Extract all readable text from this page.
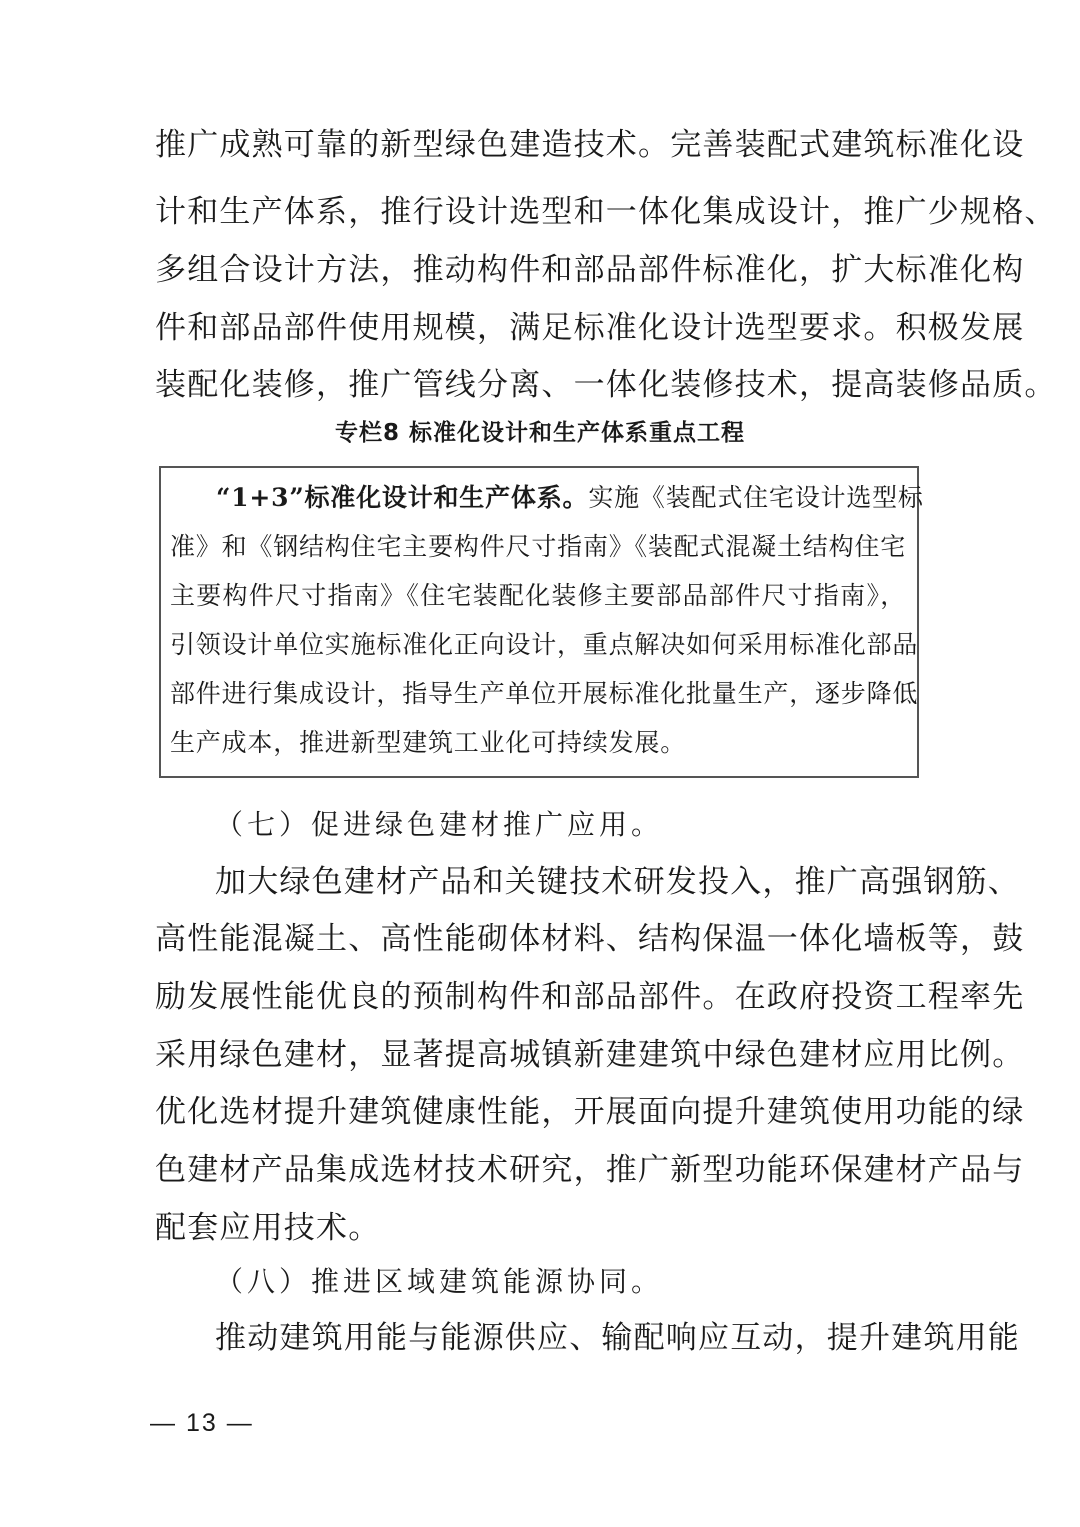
推广成熟可靠的新型绿色建造技术。完善装配式建筑标准化设
计和生产体系，推行设计选型和一体化集成设计，推广少规格、
多组合设计方法，推动构件和部品部件标准化，扩大标准化构
件和部品部件使用规模，满足标准化设计选型要求。积极发展
装配化装修，推广管线分离、一体化装修技术，提高装修品质。
专栏8 标准化设计和生产体系重点工程
“1+3”标准化设计和生产体系。实施《装配式住宅设计选型标
准》和《钢结构住宅主要构件尺寸指南》《装配式混凝土结构住宅
主要构件尺寸指南》《住宅装配化装修主要部品部件尺寸指南》，
引领设计单位实施标准化正向设计，重点解决如何采用标准化部品
部件进行集成设计，指导生产单位开展标准化批量生产，逐步降低
生产成本，推进新型建筑工业化可持续发展。
（七）促进绿色建材推广应用。
加大绿色建材产品和关键技术研发投入，推广高强钢筋、
高性能混凝土、高性能砌体材料、结构保温一体化墙板等，鼓
励发展性能优良的预制构件和部品部件。在政府投资工程率先
采用绿色建材，显著提高城镇新建建筑中绿色建材应用比例。
优化选材提升建筑健康性能，开展面向提升建筑使用功能的绿
色建材产品集成选材技术研究，推广新型功能环保建材产品与
配套应用技术。
（八）推进区域建筑能源协同。
推动建筑用能与能源供应、输配响应互动，提升建筑用能
— 13 —
